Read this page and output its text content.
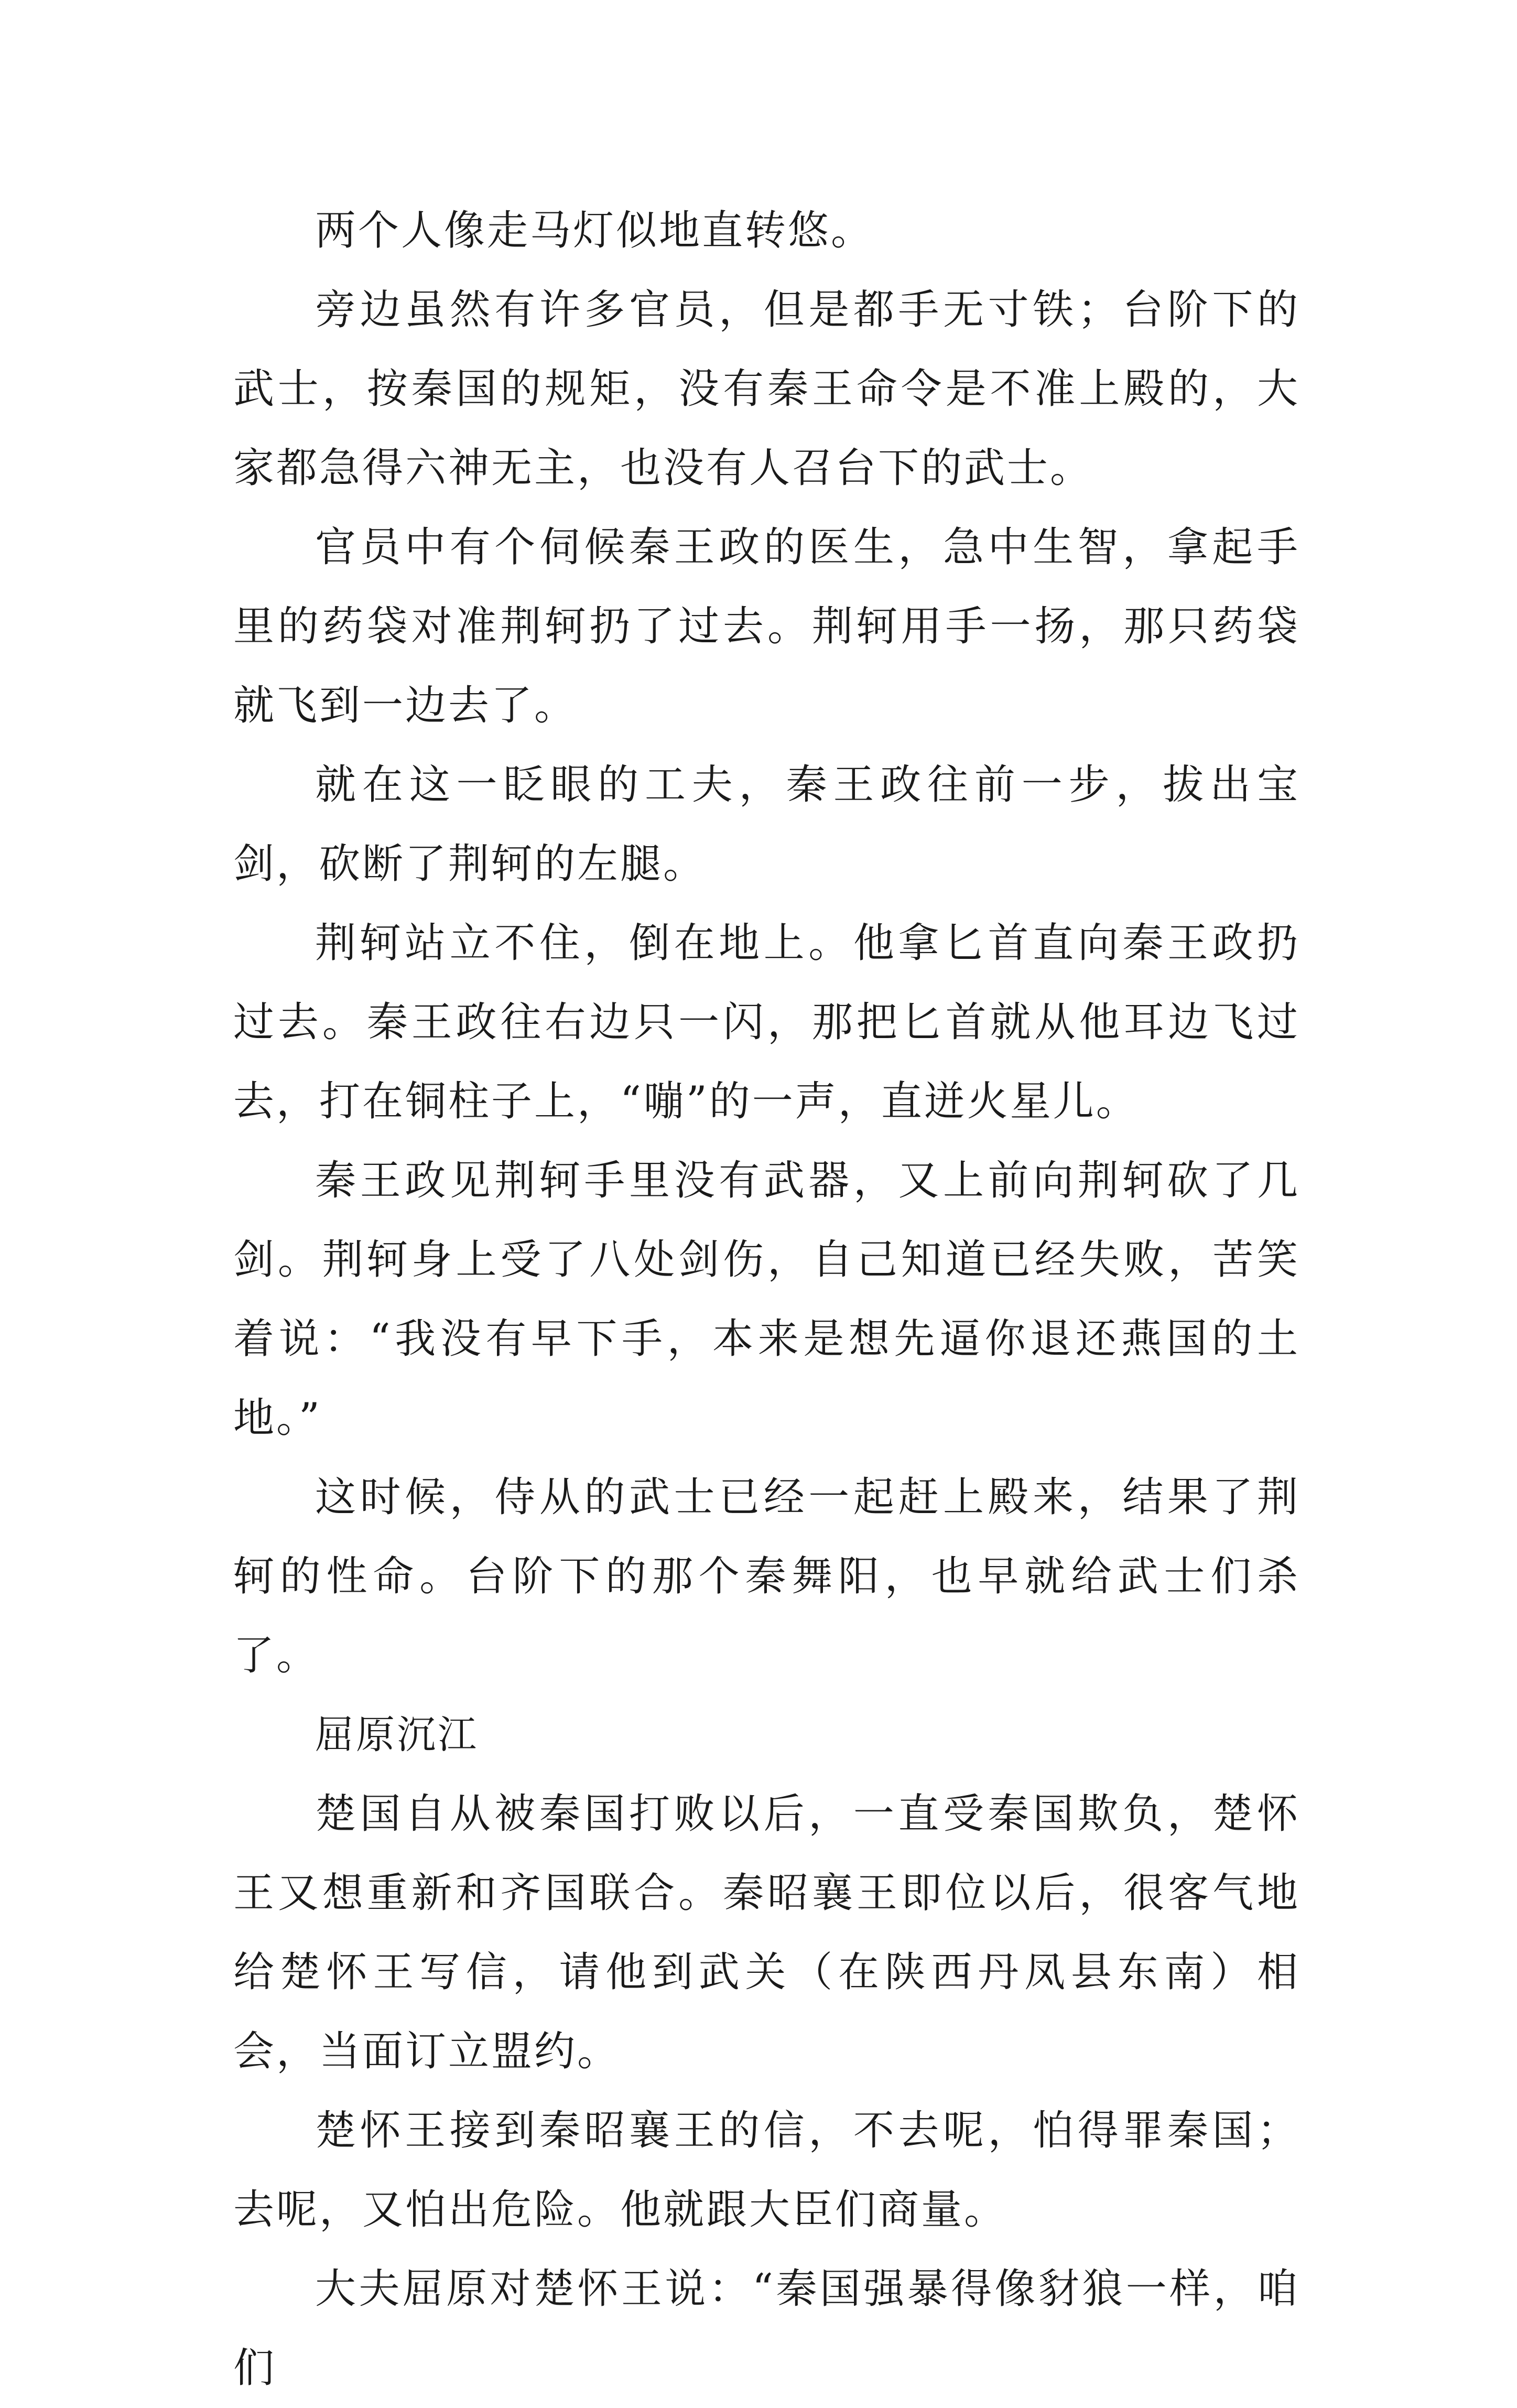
两个人像走马灯似地直转悠。

旁边虽然有许多官员，但是都手无寸铁；台阶下的武士，按秦国的规矩，没有秦王命令是不准上殿的，大家都急得六神无主，也没有人召台下的武士。

官员中有个伺候秦王政的医生，急中生智，拿起手里的药袋对准荆轲扔了过去。荆轲用手一扬，那只药袋就飞到一边去了。

就在这一眨眼的工夫，秦王政往前一步，拔出宝剑，砍断了荆轲的左腿。

荆轲站立不住，倒在地上。他拿匕首直向秦王政扔过去。秦王政往右边只一闪，那把匕首就从他耳边飞过去，打在铜柱子上，“嘣”的一声，直迸火星儿。

秦王政见荆轲手里没有武器，又上前向荆轲砍了几剑。荆轲身上受了八处剑伤，自己知道已经失败，苦笑着说：“我没有早下手，本来是想先逼你退还燕国的土地。”

这时候，侍从的武士已经一起赶上殿来，结果了荆轲的性命。台阶下的那个秦舞阳，也早就给武士们杀了。

屈原沉江

楚国自从被秦国打败以后，一直受秦国欺负，楚怀王又想重新和齐国联合。秦昭襄王即位以后，很客气地给楚怀王写信，请他到武关（在陕西丹凤县东南）相会，当面订立盟约。

楚怀王接到秦昭襄王的信，不去呢，怕得罪秦国；去呢，又怕出危险。他就跟大臣们商量。

大夫屈原对楚怀王说：“秦国强暴得像豺狼一样，咱们
